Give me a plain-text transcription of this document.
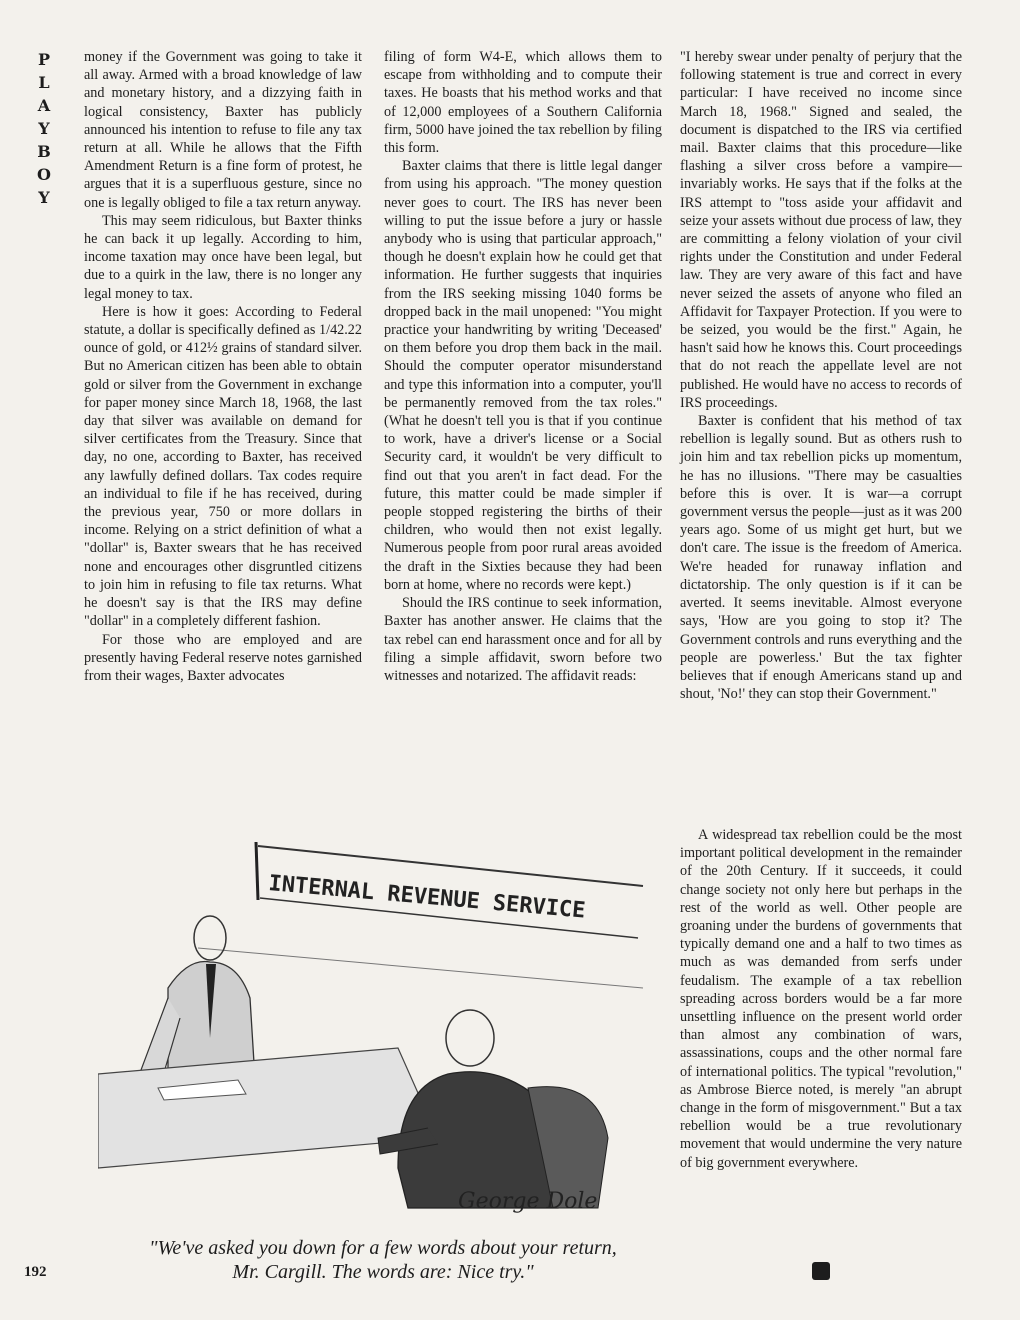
P
L
A
Y
B
O
Y

money if the Government was going to take it all away. Armed with a broad knowledge of law and monetary history, and a dizzying faith in logical consistency, Baxter has publicly announced his intention to refuse to file any tax return at all. While he allows that the Fifth Amendment Return is a fine form of protest, he argues that it is a superfluous gesture, since no one is legally obliged to file a tax return anyway.

This may seem ridiculous, but Baxter thinks he can back it up legally. According to him, income taxation may once have been legal, but due to a quirk in the law, there is no longer any legal money to tax.

Here is how it goes: According to Federal statute, a dollar is specifically defined as 1/42.22 ounce of gold, or 412½ grains of standard silver. But no American citizen has been able to obtain gold or silver from the Government in exchange for paper money since March 18, 1968, the last day that silver was available on demand for silver certificates from the Treasury. Since that day, no one, according to Baxter, has received any lawfully defined dollars. Tax codes require an individual to file if he has received, during the previous year, 750 or more dollars in income. Relying on a strict definition of what a "dollar" is, Baxter swears that he has received none and encourages other disgruntled citizens to join him in refusing to file tax returns. What he doesn't say is that the IRS may define "dollar" in a completely different fashion.

For those who are employed and are presently having Federal reserve notes garnished from their wages, Baxter advocates

filing of form W4-E, which allows them to escape from withholding and to compute their taxes. He boasts that his method works and that of 12,000 employees of a Southern California firm, 5000 have joined the tax rebellion by filing this form.

Baxter claims that there is little legal danger from using his approach. "The money question never goes to court. The IRS has never been willing to put the issue before a jury or hassle anybody who is using that particular approach," though he doesn't explain how he could get that information. He further suggests that inquiries from the IRS seeking missing 1040 forms be dropped back in the mail unopened: "You might practice your handwriting by writing 'Deceased' on them before you drop them back in the mail. Should the computer operator misunderstand and type this information into a computer, you'll be permanently removed from the tax roles." (What he doesn't tell you is that if you continue to work, have a driver's license or a Social Security card, it wouldn't be very difficult to find out that you aren't in fact dead. For the future, this matter could be made simpler if people stopped registering the births of their children, who would then not exist legally. Numerous people from poor rural areas avoided the draft in the Sixties because they had been born at home, where no records were kept.)

Should the IRS continue to seek information, Baxter has another answer. He claims that the tax rebel can end harassment once and for all by filing a simple affidavit, sworn before two witnesses and notarized. The affidavit reads:

"I hereby swear under penalty of perjury that the following statement is true and correct in every particular: I have received no income since March 18, 1968." Signed and sealed, the document is dispatched to the IRS via certified mail. Baxter claims that this procedure—like flashing a silver cross before a vampire—invariably works. He says that if the folks at the IRS attempt to "toss aside your affidavit and seize your assets without due process of law, they are committing a felony violation of your civil rights under the Constitution and under Federal law. They are very aware of this fact and have never seized the assets of anyone who filed an Affidavit for Taxpayer Protection. If you were to be seized, you would be the first." Again, he hasn't said how he knows this. Court proceedings that do not reach the appellate level are not published. He would have no access to records of IRS proceedings.

Baxter is confident that his method of tax rebellion is legally sound. But as others rush to join him and tax rebellion picks up momentum, he has no illusions. "There may be casualties before this is over. It is war—a corrupt government versus the people—just as it was 200 years ago. Some of us might get hurt, but we don't care. The issue is the freedom of America. We're headed for runaway inflation and dictatorship. The only question is if it can be averted. It seems inevitable. Almost everyone says, 'How are you going to stop it? The Government controls and runs everything and the people are powerless.' But the tax fighter believes that if enough Americans stand up and shout, 'No!' they can stop their Government."

A widespread tax rebellion could be the most important political development in the remainder of the 20th Century. If it succeeds, it could change society not only here but perhaps in the rest of the world as well. Other people are groaning under the burdens of governments that typically demand one and a half to two times as much as was demanded from serfs under feudalism. The example of a tax rebellion spreading across borders would be a far more unsettling influence on the present world order than almost any combination of wars, assassinations, coups and the other normal fare of international politics. The typical "revolution," as Ambrose Bierce noted, is merely "an abrupt change in the form of misgovernment." But a tax rebellion would be a true revolutionary movement that would undermine the very nature of big government everywhere.

INTERNAL REVENUE SERVICE
George Dole
"We've asked you down for a few words about your return,
Mr. Cargill. The words are: Nice try."
192
